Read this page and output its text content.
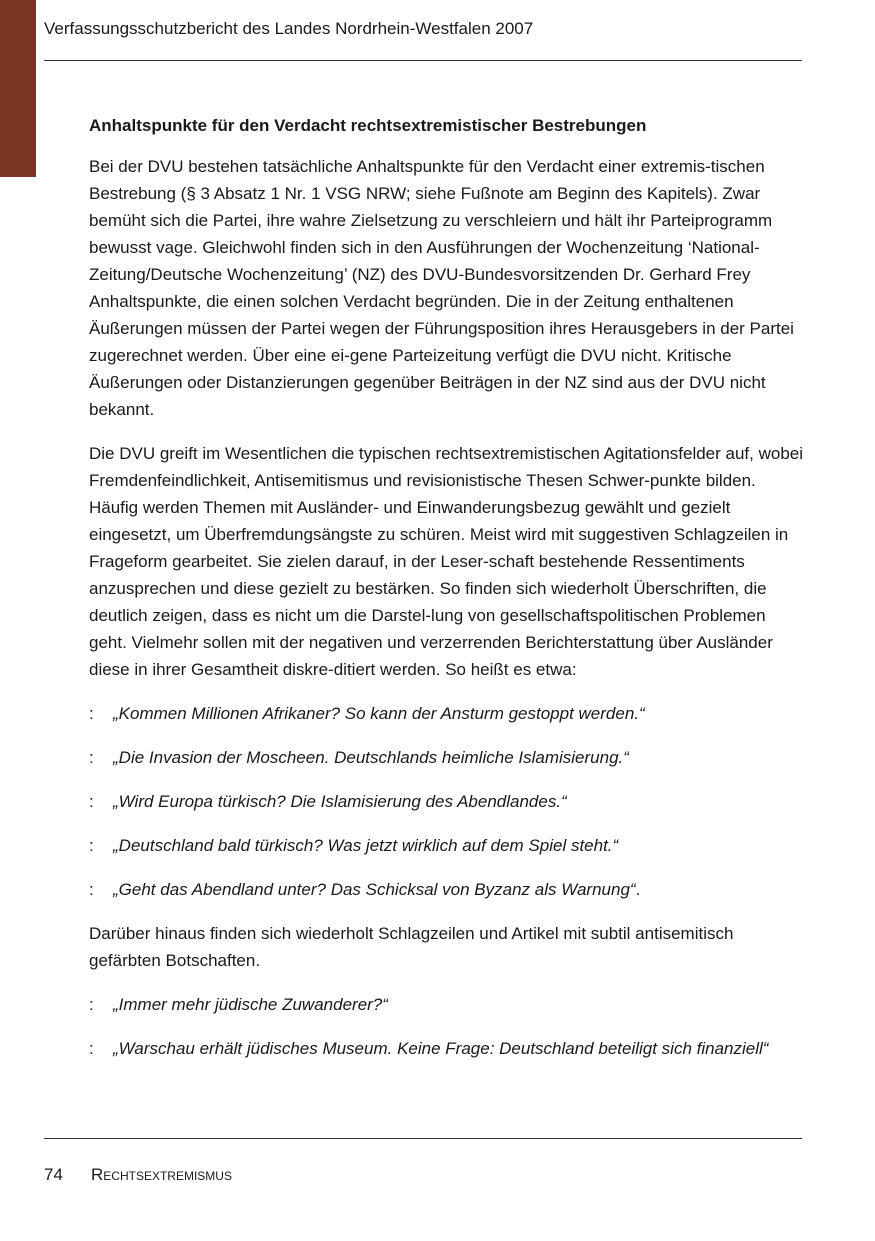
Verfassungsschutzbericht des Landes Nordrhein-Westfalen 2007
Anhaltspunkte für den Verdacht rechtsextremistischer Bestrebungen

Bei der DVU bestehen tatsächliche Anhaltspunkte für den Verdacht einer extremis-tischen Bestrebung (§ 3 Absatz 1 Nr. 1 VSG NRW; siehe Fußnote am Beginn des Kapitels). Zwar bemüht sich die Partei, ihre wahre Zielsetzung zu verschleiern und hält ihr Parteiprogramm bewusst vage. Gleichwohl finden sich in den Ausführungen der Wochenzeitung ‘National-Zeitung/Deutsche Wochenzeitung’ (NZ) des DVU-Bundesvorsitzenden Dr. Gerhard Frey Anhaltspunkte, die einen solchen Verdacht begründen. Die in der Zeitung enthaltenen Äußerungen müssen der Partei wegen der Führungsposition ihres Herausgebers in der Partei zugerechnet werden. Über eine ei-gene Parteizeitung verfügt die DVU nicht. Kritische Äußerungen oder Distanzierungen gegenüber Beiträgen in der NZ sind aus der DVU nicht bekannt.

Die DVU greift im Wesentlichen die typischen rechtsextremistischen Agitationsfelder auf, wobei Fremdenfeindlichkeit, Antisemitismus und revisionistische Thesen Schwer-punkte bilden. Häufig werden Themen mit Ausländer- und Einwanderungsbezug gewählt und gezielt eingesetzt, um Überfremdungsängste zu schüren. Meist wird mit suggestiven Schlagzeilen in Frageform gearbeitet. Sie zielen darauf, in der Leser-schaft bestehende Ressentiments anzusprechen und diese gezielt zu bestärken. So finden sich wiederholt Überschriften, die deutlich zeigen, dass es nicht um die Darstel-lung von gesellschaftspolitischen Problemen geht. Vielmehr sollen mit der negativen und verzerrenden Berichterstattung über Ausländer diese in ihrer Gesamtheit diskre-ditiert werden. So heißt es etwa:

: „Kommen Millionen Afrikaner? So kann der Ansturm gestoppt werden.“
: „Die Invasion der Moscheen. Deutschlands heimliche Islamisierung.“
: „Wird Europa türkisch? Die Islamisierung des Abendlandes.“
: „Deutschland bald türkisch? Was jetzt wirklich auf dem Spiel steht.“
: „Geht das Abendland unter? Das Schicksal von Byzanz als Warnung“.

Darüber hinaus finden sich wiederholt Schlagzeilen und Artikel mit subtil antisemitisch gefärbten Botschaften.

: „Immer mehr jüdische Zuwanderer?“
: „Warschau erhält jüdisches Museum. Keine Frage: Deutschland beteiligt sich finanziell“
74 Rechtsextremismus
